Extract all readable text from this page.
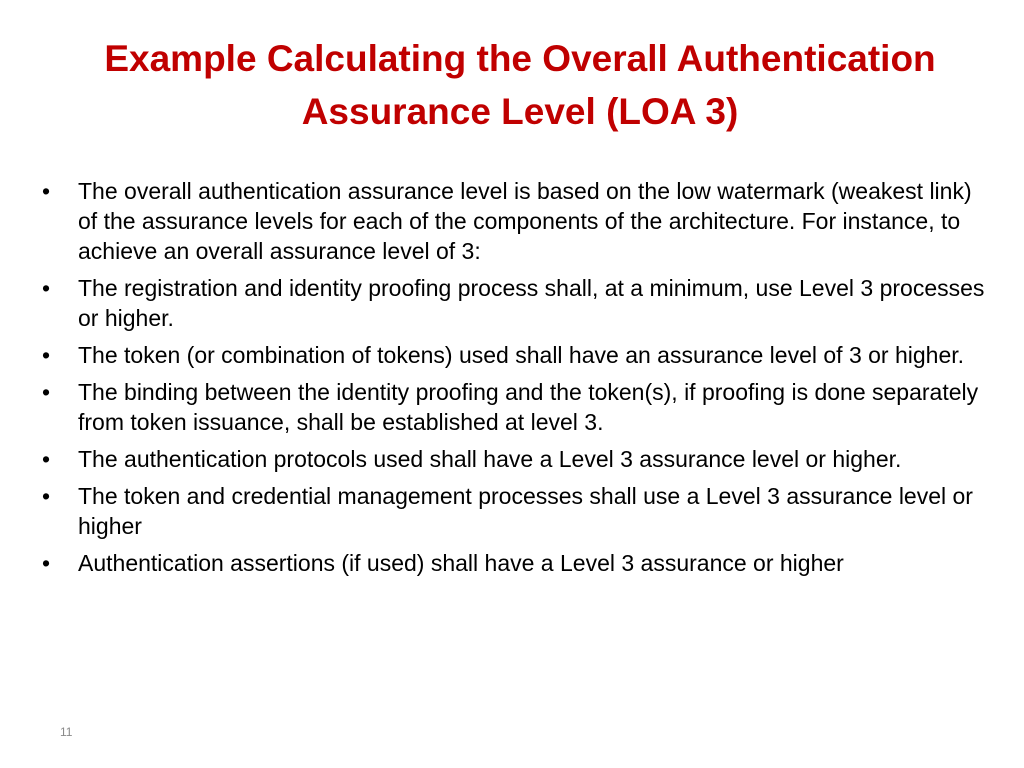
Example Calculating the Overall Authentication
Assurance Level (LOA 3)
•	The overall authentication assurance level is based on the low watermark (weakest link) of the assurance levels for each of the components of the architecture. For instance, to achieve an overall assurance level of 3:
•	The registration and identity proofing process shall, at a minimum, use Level 3 processes or higher.
•	The token (or combination of tokens) used shall have an assurance level of 3 or higher.
•	The binding between the identity proofing and the token(s), if proofing is done separately from token issuance, shall be established at level 3.
•	The authentication protocols used shall have a Level 3 assurance level or higher.
•	The token and credential management processes shall use a Level 3 assurance level or higher
•	Authentication assertions (if used) shall have a Level 3 assurance or higher
11
